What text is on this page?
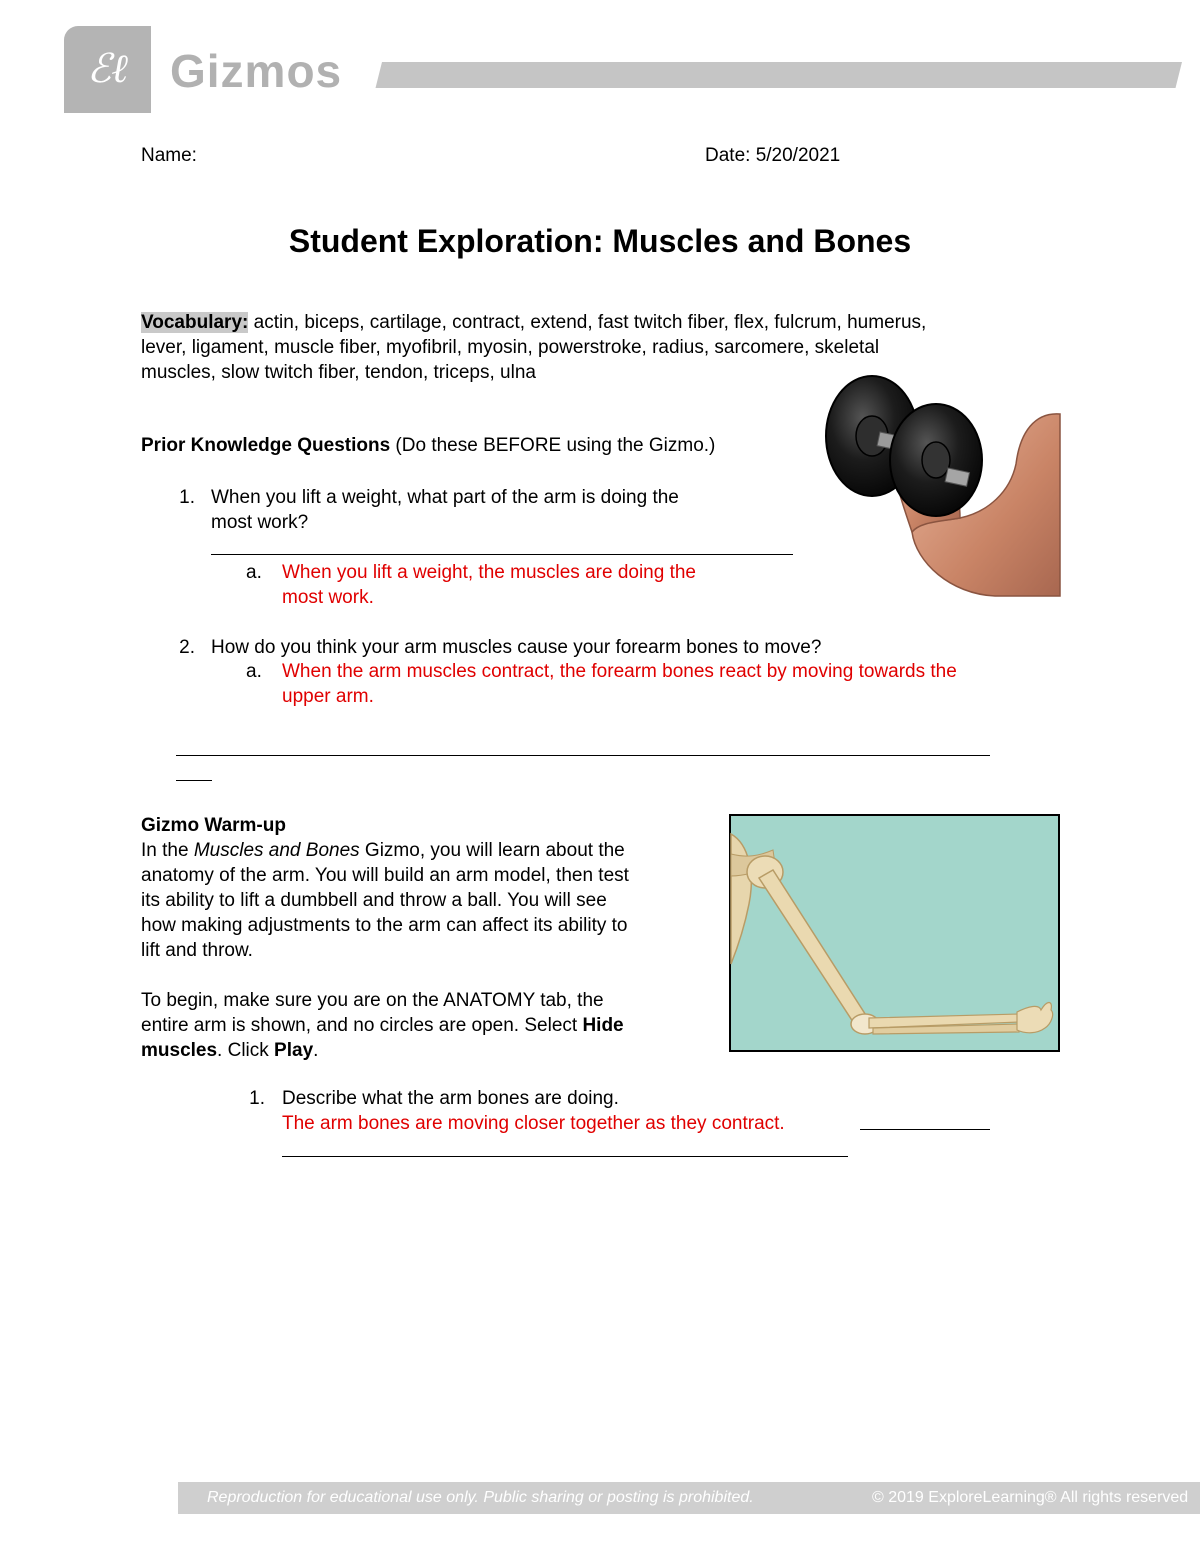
ℰℓ Gizmos
Name:	Date: 5/20/2021
Student Exploration: Muscles and Bones
Vocabulary: actin, biceps, cartilage, contract, extend, fast twitch fiber, flex, fulcrum, humerus,
lever, ligament, muscle fiber, myofibril, myosin, powerstroke, radius, sarcomere, skeletal
muscles, slow twitch fiber, tendon, triceps, ulna
Prior Knowledge Questions (Do these BEFORE using the Gizmo.)
1. When you lift a weight, what part of the arm is doing the
most work?
a. When you lift a weight, the muscles are doing the
most work.
2. How do you think your arm muscles cause your forearm bones to move?
a. When the arm muscles contract, the forearm bones react by moving towards the
upper arm.
Gizmo Warm-up
In the Muscles and Bones Gizmo, you will learn about the
anatomy of the arm. You will build an arm model, then test
its ability to lift a dumbbell and throw a ball. You will see
how making adjustments to the arm can affect its ability to
lift and throw.
To begin, make sure you are on the ANATOMY tab, the
entire arm is shown, and no circles are open. Select Hide
muscles. Click Play.
1. Describe what the arm bones are doing.
The arm bones are moving closer together as they contract.
Reproduction for educational use only. Public sharing or posting is prohibited.	© 2019 ExploreLearning® All rights reserved
